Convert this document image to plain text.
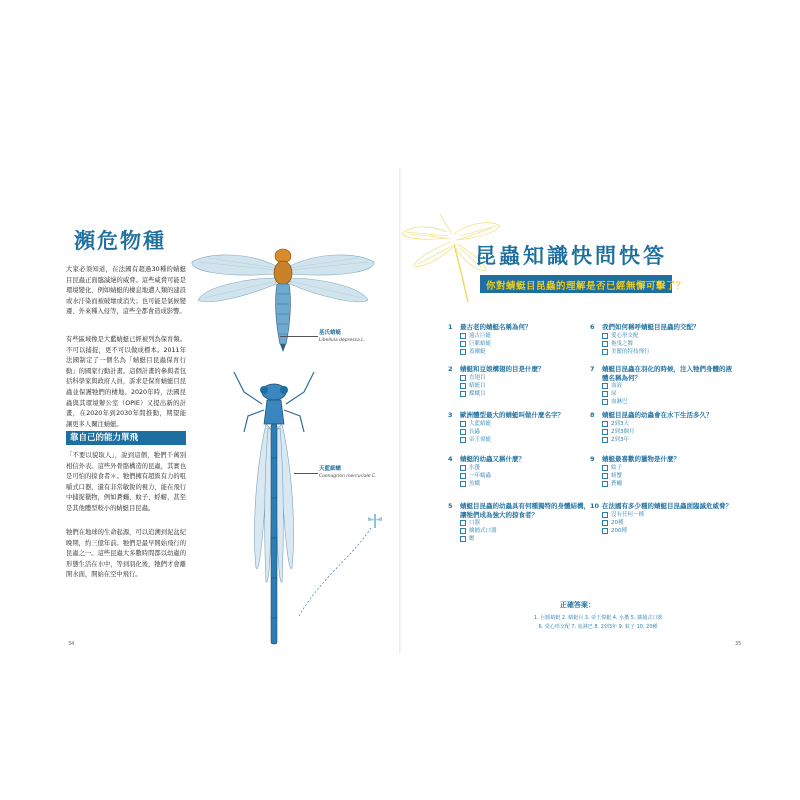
瀕危物種

大家必須知道，在法國有超過30種的蜻蜓目昆蟲正面臨滅絕的威脅。這些威脅可能是環境變化，例如蜻蜓的棲息地遭人類的建設或水汙染而被破壞或消失；也可能是氣候變遷、外來種入侵等，這些全都會造成影響。

有些區域像是大藍蜻蜓已經被列為保育類。不可以捕捉，更不可以做成標本。2011年法國制定了一個名為「蜻蜓目昆蟲保育行動」的國家行動計畫。這個計畫的參與者包括科學家與政府人員，訴求是保育蜻蜓目昆蟲並保護牠們的棲地。2020年時，法國昆蟲與其環境辦公室（OPIE）又提出新的計畫，在2020年到2030年間推動，期望能讓更多人關注蜻蜓。

靠自己的能力單飛

「不要以貌取人」，說到這個，牠們千萬別相信外表。這些外骨骼構造的昆蟲，其實也是可怕的掠食者＊。牠們擁有超級有力的咀嚼式口器，還有非常敏銳的視力，能在飛行中捕捉獵物，例如蒼蠅、蚊子、蜉蝣，甚至是其他體型較小的蜻蜓目昆蟲。

牠們在地球的生命起源，可以追溯到泥盆紀晚期，約三億年前。牠們是最早開始飛行的昆蟲之一。這些昆蟲大多數時間都以幼蟲的形態生活在水中，等到羽化後，牠們才會離開水面，開始在空中飛行。

基氏蜻蜓
Libellula depressa L.
天藍細蟌
Coenagrion mercuriale C.
34
昆蟲知識快問快答
你對蜻蜓目昆蟲的理解是否已經無懈可擊了？
1	最古老的蜻蜓名稱為何？
遠古巨蜓
巨脈蜻蜓
蓋爾蜓
2	蜻蜓和豆娘構翅的目是什麼？
直翅目
蜻蜓目
蝶蛾目
3	歐洲體型最大的蜻蜓叫做什麼名字？
大藍蜻蜓
長蟲
帝王偉蜓
4	蜻蜓的幼蟲又稱什麼？
水蠆
一年蠕蟲
魚蛾
5	蜻蜓目昆蟲的幼蟲具有何種獨特的身體結構，讓牠們成為強大的掠食者？
口器
擒捕式口器
鰓
6	我們如何稱呼蜻蜓目昆蟲的交配？
愛心形交配
拖曳之舞
美麗的特技飛行
7	蜻蜓目昆蟲在羽化的時候，注入牠們身體的液體名稱為何？
血液
尿
血淋巴
8	蜻蜓目昆蟲的幼蟲會在水下生活多久？
2到3天
2到3個月
2到3年
9	蜻蜓最喜歡的獵物是什麼？
蚊子
螃蟹
蒼蠅
10 在法國有多少種的蜻蜓目昆蟲面臨滅危威脅？
沒有任何一種
20種
200種
正確答案：
1. 巨脈蜻蜓 2. 蜻蜓目 3. 帝王偉蜓 4. 水蠆 5. 擒捕式口器
6. 愛心形交配 7. 血淋巴 8. 2到3年 9. 蚊子 10. 20種
35
